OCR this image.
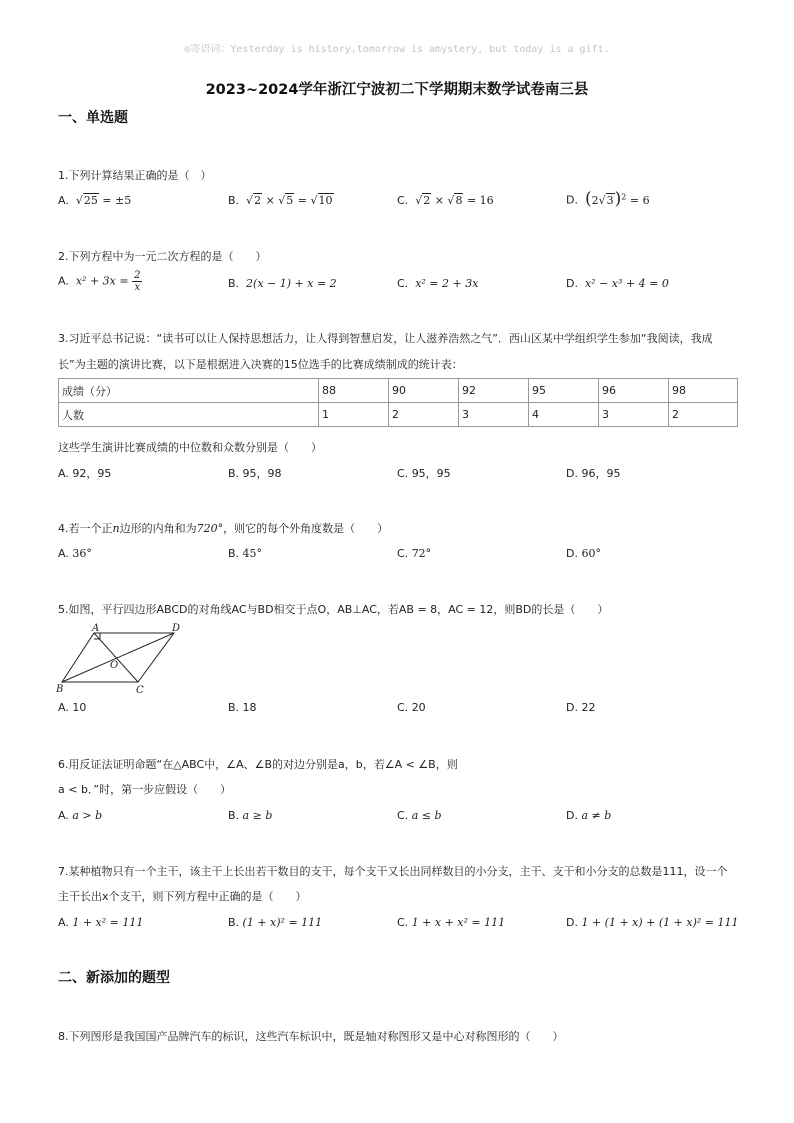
◎寄语词：Yesterday is history,tomorrow is amystery, but today is a gift.
2023~2024学年浙江宁波初二下学期期末数学试卷南三县
一、单选题
1.下列计算结果正确的是（　）
A. √25 = ±5	B. √2 × √5 = √10	C. √2 × √8 = 16	D. $(2√3)^2 = 6$
2.下列方程中为一元二次方程的是（　　）
A. $x^2 + 3x = \frac{2}{x}$	B. 2(x − 1) + x = 2	C. x² = 2 + 3x	D. x² − x³ + 4 = 0
3.习近平总书记说：“读书可以让人保持思想活力，让人得到智慧启发，让人滋养浩然之气”．西山区某中学组织学生参加“我阅读，我成长”为主题的演讲比赛，以下是根据进入决赛的15位选手的比赛成绩制成的统计表：
成绩（分）	88	90	92	95	96	98
人数	1	2	3	4	3	2
这些学生演讲比赛成绩的中位数和众数分别是（　　）
A. 92，95	B. 95，98	C. 95，95	D. 96，95
4.若一个正n边形的内角和为720°，则它的每个外角度数是（　　）
A. 36°	B. 45°	C. 72°	D. 60°
5.如图，平行四边形ABCD的对角线AC与BD相交于点O，AB⊥AC，若AB = 8，AC = 12，则BD的长是（　　）
A	D
B	C
O
A. 10	B. 18	C. 20	D. 22
6.用反证法证明命题“在△ABC中，∠A、∠B的对边分别是a，b，若∠A < ∠B，则
a < b．”时，第一步应假设（　　）
A. a > b	B. a ≥ b	C. a ≤ b	D. a ≠ b
7.某种植物只有一个主干，该主干上长出若干数目的支干，每个支干又长出同样数目的小分支，主干、支干和小分支的总数是111，设一个
主干长出x个支干，则下列方程中正确的是（　　）
A. 1 + x² = 111	B. (1 + x)² = 111	C. 1 + x + x² = 111	D. 1 + (1 + x) + (1 + x)² = 111
二、新添加的题型
8.下列图形是我国国产品牌汽车的标识，这些汽车标识中，既是轴对称图形又是中心对称图形的（　　）
